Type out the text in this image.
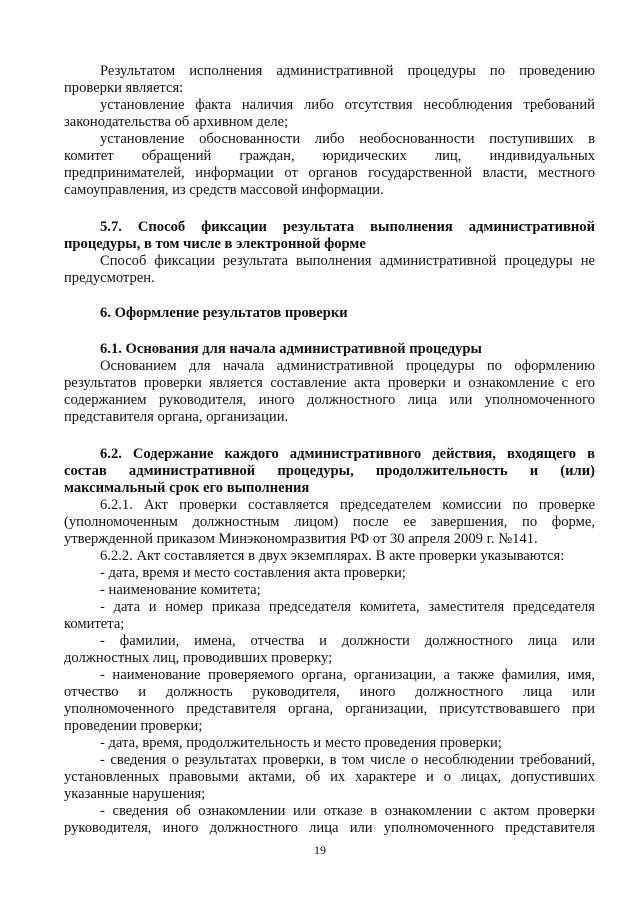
Результатом исполнения административной процедуры по проведению

проверки является:

установление факта наличия либо отсутствия несоблюдения требований

законодательства об архивном деле;

установление обоснованности либо необоснованности поступивших в

комитет обращений граждан, юридических лиц, индивидуальных

предпринимателей, информации от органов государственной власти, местного

самоуправления, из средств массовой информации.

5.7. Способ фиксации результата выполнения административной

процедуры, в том числе в электронной форме

Способ фиксации результата выполнения административной процедуры не

предусмотрен.

6. Оформление результатов проверки

6.1. Основания для начала административной процедуры

Основанием для начала административной процедуры по оформлению

результатов проверки является составление акта проверки и ознакомление с его

содержанием руководителя, иного должностного лица или уполномоченного

представителя органа, организации.

6.2. Содержание каждого административного действия, входящего в

состав административной процедуры, продолжительность и (или)

максимальный срок его выполнения

6.2.1. Акт проверки составляется председателем комиссии по проверке

(уполномоченным должностным лицом) после ее завершения, по форме,

утвержденной приказом Минэкономразвития РФ от 30 апреля 2009 г. №141.

6.2.2. Акт составляется в двух экземплярах. В акте проверки указываются:

- дата, время и место составления акта проверки;

- наименование комитета;

- дата и номер приказа председателя комитета, заместителя председателя

комитета;

- фамилии, имена, отчества и должности должностного лица или

должностных лиц, проводивших проверку;

- наименование проверяемого органа, организации, а также фамилия, имя,

отчество и должность руководителя, иного должностного лица или

уполномоченного представителя органа, организации, присутствовавшего при

проведении проверки;

- дата, время, продолжительность и место проведения проверки;

- сведения о результатах проверки, в том числе о несоблюдении требований,

установленных правовыми актами, об их характере и о лицах, допустивших

указанные нарушения;

- сведения об ознакомлении или отказе в ознакомлении с актом проверки

руководителя, иного должностного лица или уполномоченного представителя

19
